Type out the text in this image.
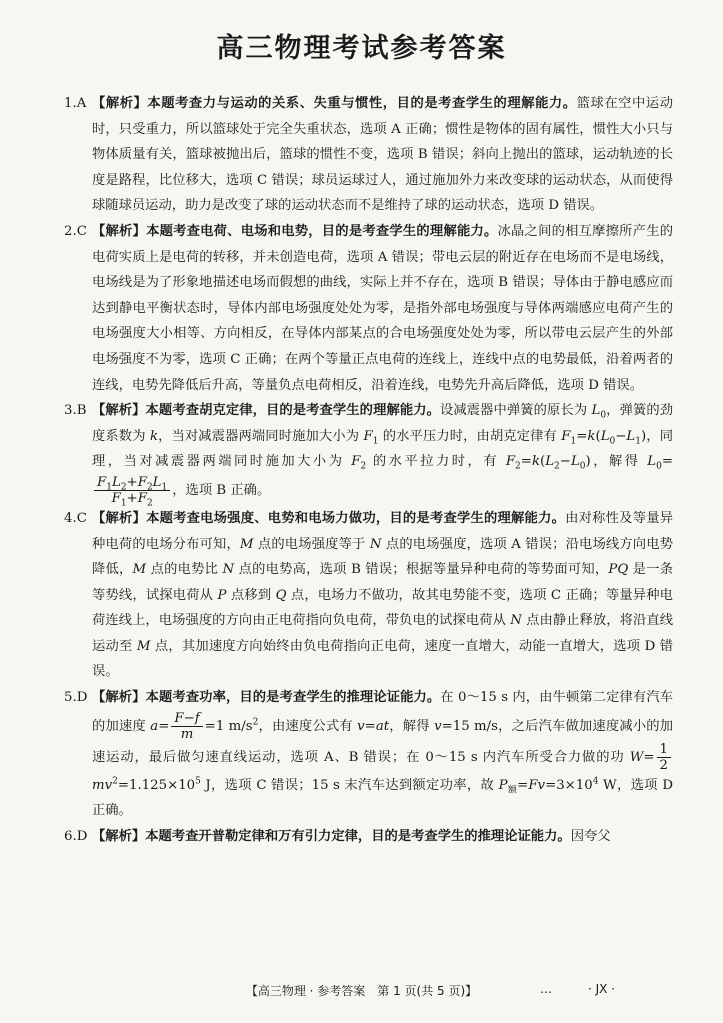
高三物理考试参考答案

1.A 【解析】本题考查力与运动的关系、失重与惯性，目的是考查学生的理解能力。篮球在空中运动时，只受重力，所以篮球处于完全失重状态，选项 A 正确；惯性是物体的固有属性，惯性大小只与物体质量有关，篮球被抛出后，篮球的惯性不变，选项 B 错误；斜向上抛出的篮球，运动轨迹的长度是路程，比位移大，选项 C 错误；球员运球过人，通过施加外力来改变球的运动状态，从而使得球随球员运动，助力是改变了球的运动状态而不是维持了球的运动状态，选项 D 错误。

2.C 【解析】本题考查电荷、电场和电势，目的是考查学生的理解能力。冰晶之间的相互摩擦所产生的电荷实质上是电荷的转移，并未创造电荷，选项 A 错误；带电云层的附近存在电场而不是电场线，电场线是为了形象地描述电场而假想的曲线，实际上并不存在，选项 B 错误；导体由于静电感应而达到静电平衡状态时，导体内部电场强度处处为零，是指外部电场强度与导体两端感应电荷产生的电场强度大小相等、方向相反，在导体内部某点的合电场强度处处为零，所以带电云层产生的外部电场强度不为零，选项 C 正确；在两个等量正点电荷的连线上，连线中点的电势最低，沿着两者的连线，电势先降低后升高，等量负点电荷相反，沿着连线，电势先升高后降低，选项 D 错误。

3.B 【解析】本题考查胡克定律，目的是考查学生的理解能力。设减震器中弹簧的原长为 $L_0$，弹簧的劲度系数为 k，当对减震器两端同时施加大小为 $F_1$ 的水平压力时，由胡克定律有 $F_1=k(L_0-L_1)$，同理，当对减震器两端同时施加大小为 $F_2$ 的水平拉力时，有 $F_2=k(L_2-L_0)$，解得 $L_0=$
$\frac{F_1L_2+F_2L_1}{F_1+F_2}$ ，选项 B 正确。

4.C 【解析】本题考查电场强度、电势和电场力做功，目的是考查学生的理解能力。由对称性及等量异种电荷的电场分布可知，M 点的电场强度等于 N 点的电场强度，选项 A 错误；沿电场线方向电势降低，M 点的电势比 N 点的电势高，选项 B 错误；根据等量异种电荷的等势面可知，PQ 是一条等势线，试探电荷从 P 点移到 Q 点，电场力不做功，故其电势能不变，选项 C 正确；等量异种电荷连线上，电场强度的方向由正电荷指向负电荷，带负电的试探电荷从 N 点由静止释放，将沿直线运动至 M 点，其加速度方向始终由负电荷指向正电荷，速度一直增大，动能一直增大，选项 D 错误。

5.D 【解析】本题考查功率，目的是考查学生的推理论证能力。在 0～15 s 内，由牛顿第二定律有汽车的加速度 $a= \frac{F-f}{m} =1$ $m/s^2$，由速度公式有 v=at，解得 v=15 m/s，之后汽车做加速度减小的加速运动，最后做匀速直线运动，选项 A、B 错误；在 0～15 s 内汽车所受合力做的功 $W= \frac{1}{2}$
$mv^2=1.125\times 10^5$ J，选项 C 错误；15 s 末汽车达到额定功率，故 $P_额=Fv=3\times 10^4$ W，选项 D 正确。

6.D 【解析】本题考查开普勒定律和万有引力定律，目的是考查学生的推理论证能力。因夸父

【高三物理 · 参考答案　第 1 页(共 5 页)】	…	· JX ·
